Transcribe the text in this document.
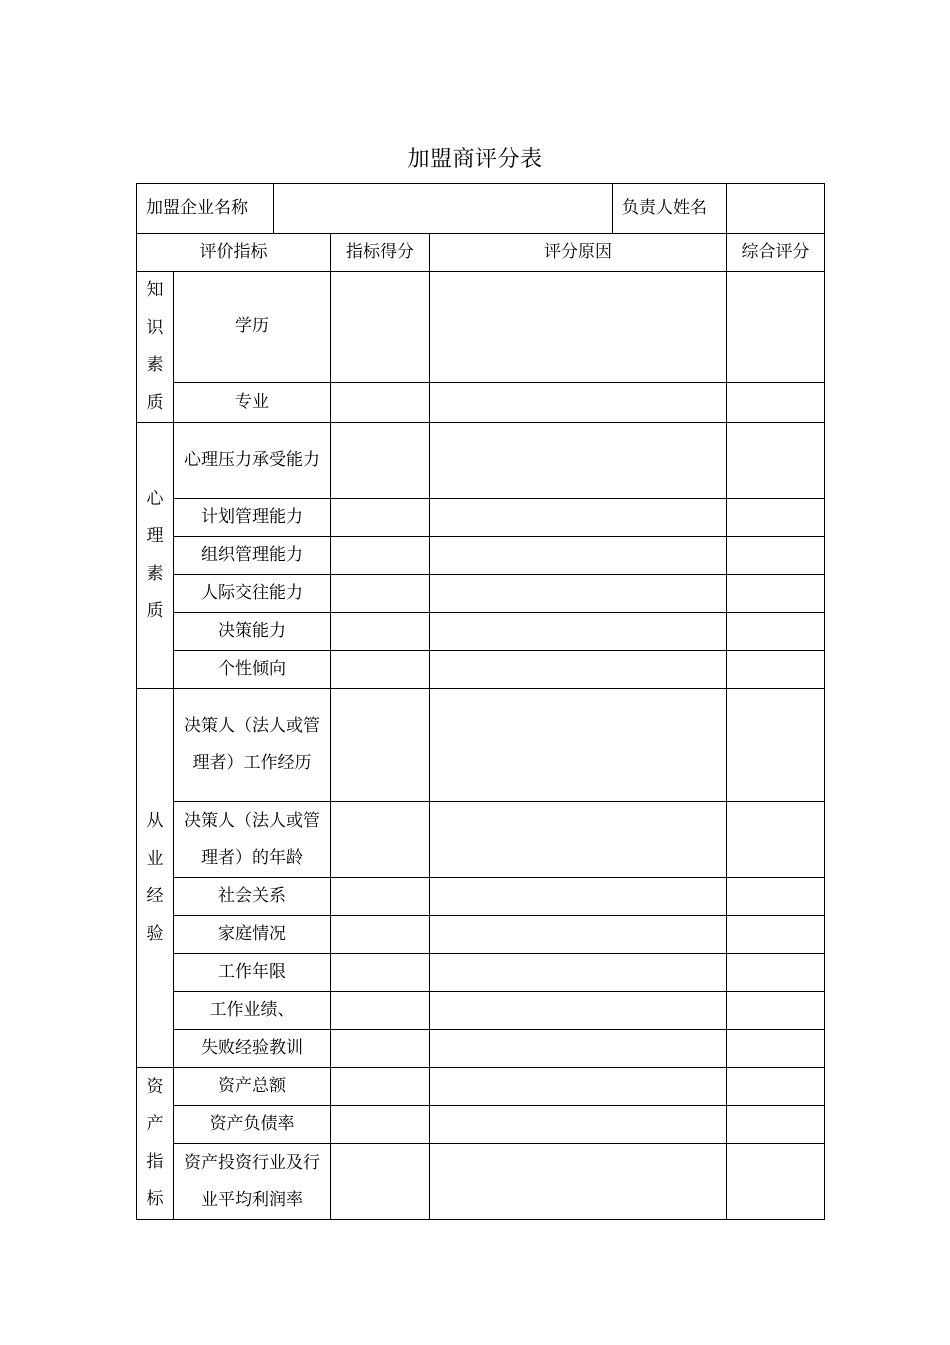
加盟商评分表
加盟企业名称					负责人姓名	
评价指标			指标得分	评分原因		综合评分
知识素质	学历					
	专业					
心理素质	心理压力承受能力					

	计划管理能力					
	组织管理能力					
	人际交往能力					
	决策能力					
	个性倾向					
从业经验	决策人（法人或管理者）工作经历					

	决策人（法人或管理者）的年龄					

	社会关系					
	家庭情况					
	工作年限					
	工作业绩、					
	失败经验教训					
资产指标	资产总额					
	资产负债率					

	资产投资行业及行业平均利润率					
